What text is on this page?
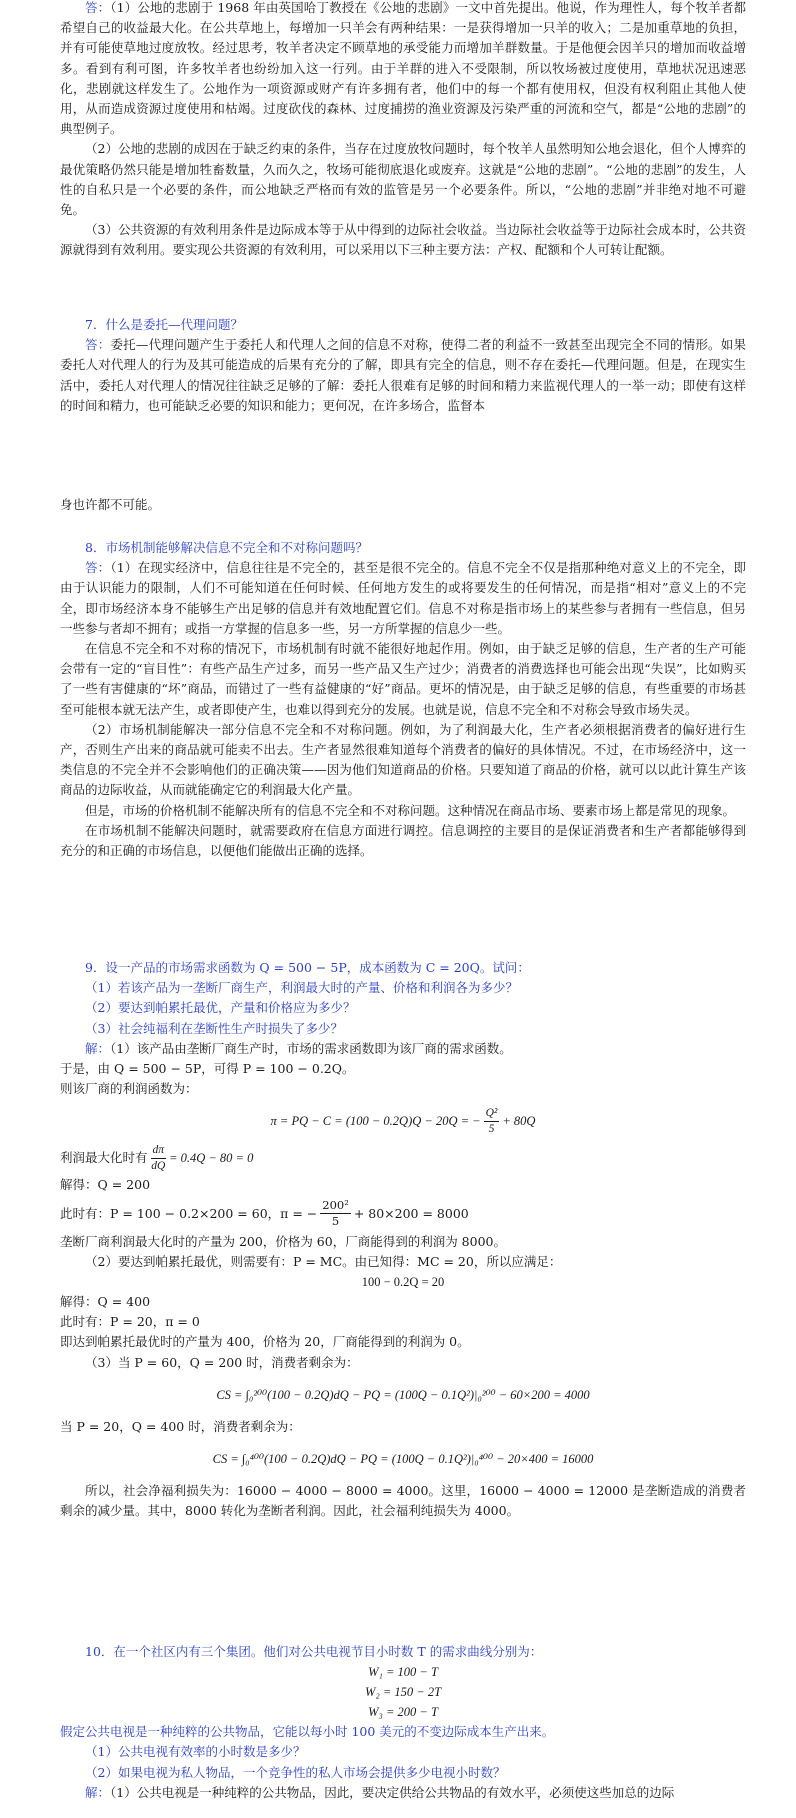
答：（1）公地的悲剧于 1968 年由英国哈丁教授在《公地的悲剧》一文中首先提出。他说，作为理性人，每个牧羊者都希望自己的收益最大化。在公共草地上，每增加一只羊会有两种结果：一是获得增加一只羊的收入；二是加重草地的负担，并有可能使草地过度放牧。经过思考，牧羊者决定不顾草地的承受能力而增加羊群数量。于是他便会因羊只的增加而收益增多。看到有利可图，许多牧羊者也纷纷加入这一行列。由于羊群的进入不受限制，所以牧场被过度使用，草地状况迅速恶化，悲剧就这样发生了。公地作为一项资源或财产有许多拥有者，他们中的每一个都有使用权，但没有权利阻止其他人使用，从而造成资源过度使用和枯竭。过度砍伐的森林、过度捕捞的渔业资源及污染严重的河流和空气，都是“公地的悲剧”的典型例子。

（2）公地的悲剧的成因在于缺乏约束的条件，当存在过度放牧问题时，每个牧羊人虽然明知公地会退化，但个人博弈的最优策略仍然只能是增加牲畜数量，久而久之，牧场可能彻底退化或废弃。这就是“公地的悲剧”。“公地的悲剧”的发生，人性的自私只是一个必要的条件，而公地缺乏严格而有效的监管是另一个必要条件。所以，“公地的悲剧”并非绝对地不可避免。

（3）公共资源的有效利用条件是边际成本等于从中得到的边际社会收益。当边际社会收益等于边际社会成本时，公共资源就得到有效利用。要实现公共资源的有效利用，可以采用以下三种主要方法：产权、配额和个人可转让配额。

7．什么是委托—代理问题？

答：委托—代理问题产生于委托人和代理人之间的信息不对称，使得二者的利益不一致甚至出现完全不同的情形。如果委托人对代理人的行为及其可能造成的后果有充分的了解，即具有完全的信息，则不存在委托—代理问题。但是，在现实生活中，委托人对代理人的情况往往缺乏足够的了解：委托人很难有足够的时间和精力来监视代理人的一举一动；即使有这样的时间和精力，也可能缺乏必要的知识和能力；更何况，在许多场合，监督本

身也许都不可能。

8．市场机制能够解决信息不完全和不对称问题吗？

答：（1）在现实经济中，信息往往是不完全的，甚至是很不完全的。信息不完全不仅是指那种绝对意义上的不完全，即由于认识能力的限制，人们不可能知道在任何时候、任何地方发生的或将要发生的任何情况，而是指“相对”意义上的不完全，即市场经济本身不能够生产出足够的信息并有效地配置它们。信息不对称是指市场上的某些参与者拥有一些信息，但另一些参与者却不拥有；或指一方掌握的信息多一些，另一方所掌握的信息少一些。

在信息不完全和不对称的情况下，市场机制有时就不能很好地起作用。例如，由于缺乏足够的信息，生产者的生产可能会带有一定的“盲目性”：有些产品生产过多，而另一些产品又生产过少；消费者的消费选择也可能会出现“失误”，比如购买了一些有害健康的“坏”商品，而错过了一些有益健康的“好”商品。更坏的情况是，由于缺乏足够的信息，有些重要的市场甚至可能根本就无法产生，或者即使产生，也难以得到充分的发展。也就是说，信息不完全和不对称会导致市场失灵。

（2）市场机制能解决一部分信息不完全和不对称问题。例如，为了利润最大化，生产者必须根据消费者的偏好进行生产，否则生产出来的商品就可能卖不出去。生产者显然很难知道每个消费者的偏好的具体情况。不过，在市场经济中，这一类信息的不完全并不会影响他们的正确决策——因为他们知道商品的价格。只要知道了商品的价格，就可以以此计算生产该商品的边际收益，从而就能确定它的利润最大化产量。

但是，市场的价格机制不能解决所有的信息不完全和不对称问题。这种情况在商品市场、要素市场上都是常见的现象。

在市场机制不能解决问题时，就需要政府在信息方面进行调控。信息调控的主要目的是保证消费者和生产者都能够得到充分的和正确的市场信息，以便他们能做出正确的选择。

9．设一产品的市场需求函数为 Q = 500 − 5P，成本函数为 C = 20Q。试问：

（1）若该产品为一垄断厂商生产，利润最大时的产量、价格和利润各为多少？

（2）要达到帕累托最优，产量和价格应为多少？

（3）社会纯福利在垄断性生产时损失了多少？

解：（1）该产品由垄断厂商生产时，市场的需求函数即为该厂商的需求函数。

于是，由 Q = 500 − 5P，可得 P = 100 − 0.2Q。

则该厂商的利润函数为：

π = PQ − C = (100 − 0.2Q)Q − 20Q = − $\frac{\text{Q²}}{5} + 80Q$
利润最大化时有 $\frac{d\pi}{dQ} = 0.4Q - 80 = 0$

解得：Q = 200

此时有：P = 100 − 0.2×200 = 60，π = − $\frac{\text{200²}}{5} + 80\times 200 = 8000$

垄断厂商利润最大化时的产量为 200，价格为 60，厂商能得到的利润为 8000。

（2）要达到帕累托最优，则需要有：P = MC。由已知得：MC = 20，所以应满足：

100 − 0.2Q = 20

解得：Q = 400

此时有：P = 20，π = 0

即达到帕累托最优时的产量为 400，价格为 20，厂商能得到的利润为 0。

（3）当 P = 60，Q = 200 时，消费者剩余为：

CS = ∫₀²⁰⁰(100 − 0.2Q)dQ − PQ = (100Q − 0.1Q²)|₀²⁰⁰ − 60×200 = 4000

当 P = 20，Q = 400 时，消费者剩余为：

CS = ∫₀⁴⁰⁰(100 − 0.2Q)dQ − PQ = (100Q − 0.1Q²)|₀⁴⁰⁰ − 20×400 = 16000

所以，社会净福利损失为：16000 − 4000 − 8000 = 4000。这里，16000 − 4000 = 12000 是垄断造成的消费者剩余的减少量。其中，8000 转化为垄断者利润。因此，社会福利纯损失为 4000。

10．在一个社区内有三个集团。他们对公共电视节目小时数 T 的需求曲线分别为：

W₁ = 100 − T

W₂ = 150 − 2T

W₃ = 200 − T

假定公共电视是一种纯粹的公共物品，它能以每小时 100 美元的不变边际成本生产出来。

（1）公共电视有效率的小时数是多少？

（2）如果电视为私人物品，一个竞争性的私人市场会提供多少电视小时数？

解：（1）公共电视是一种纯粹的公共物品，因此，要决定供给公共物品的有效水平，必须使这些加总的边际
